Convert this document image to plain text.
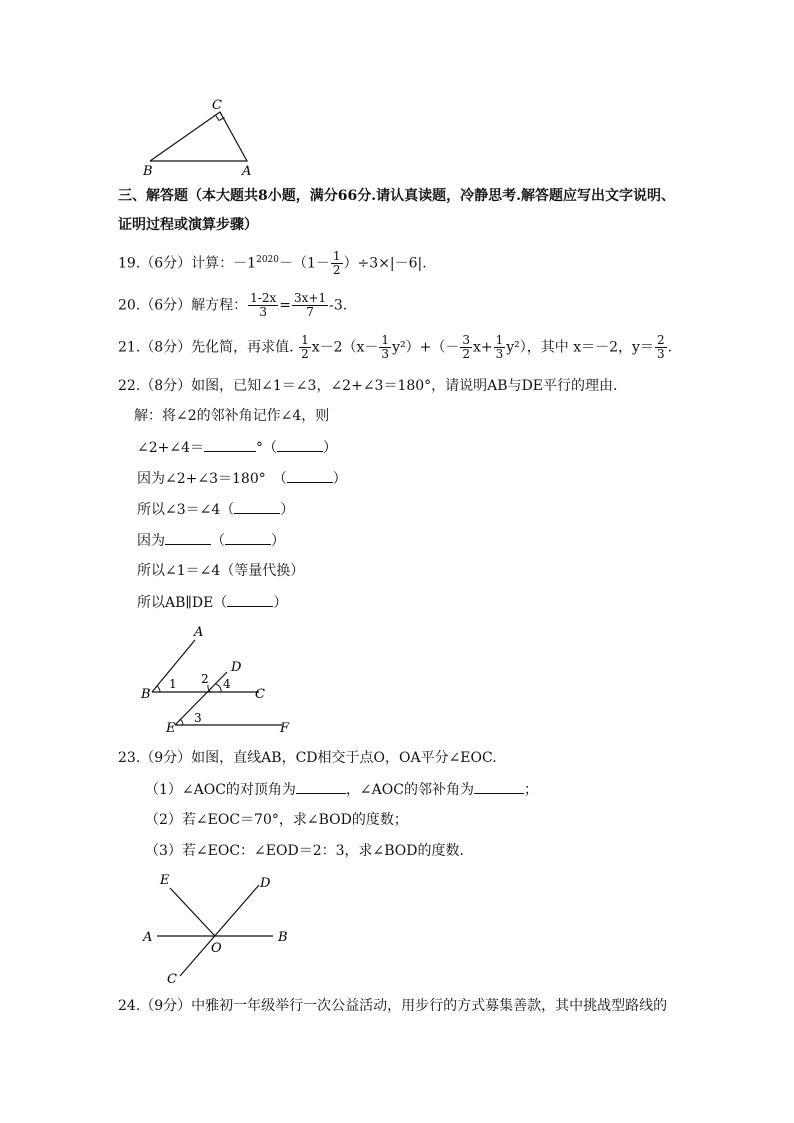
C
B	A
三、解答题（本大题共8小题，满分66分.请认真读题，冷静思考.解答题应写出文字说明、
证明过程或演算步骤）
19.（6分）计算：$-1^{2020}-(1- \frac{1}{2} )\div 3\times|-6|$.
20.（6分）解方程： $\frac{1-2x}{3} = \frac{3x+1}{7} -3$.
21.（8分）先化简，再求值. $\frac{1}{2} x-2(x- \frac{1}{3} y^2)+(- \frac{3}{2} x+ \frac{1}{3} y^2)$，其中 x＝－2，$y= \frac{2}{3}$ .
22.（8分）如图，已知∠1＝∠3，∠2+∠3＝180°，请说明AB与DE平行的理由.
解：将∠2的邻补角记作∠4，则
∠2+∠4＝	°（	）
因为∠2+∠3＝180°　（	）
所以∠3＝∠4（	）
因为	（	）
所以∠1＝∠4（等量代换）
所以AB∥DE（	）
A
B	C
D
E	F
1 2 4
3
23.（9分）如图，直线AB，CD相交于点O，OA平分∠EOC.
（1）∠AOC的对顶角为	，∠AOC的邻补角为	；
（2）若∠EOC＝70°，求∠BOD的度数；
（3）若∠EOC：∠EOD＝2：3，求∠BOD的度数.
E	D
A	B
O
C
24.（9分）中雅初一年级举行一次公益活动，用步行的方式募集善款，其中挑战型路线的
